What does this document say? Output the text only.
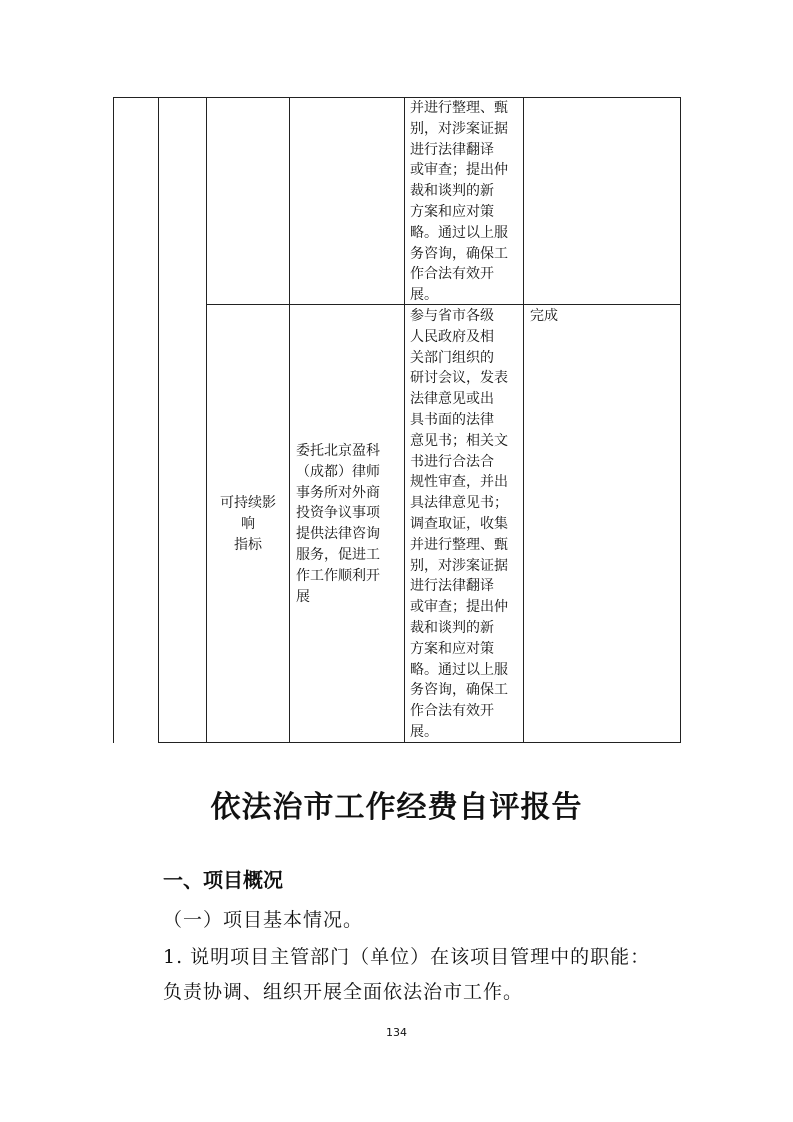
并进行整理、甄
别，对涉案证据
进行法律翻译
或审查；提出仲
裁和谈判的新
方案和应对策
略。通过以上服
务咨询，确保工
作合法有效开
展。
可持续影
响
指标
委托北京盈科
（成都）律师
事务所对外商
投资争议事项
提供法律咨询
服务，促进工
作工作顺利开
展
参与省市各级
人民政府及相
关部门组织的
研讨会议，发表
法律意见或出
具书面的法律
意见书；相关文
书进行合法合
规性审查，并出
具法律意见书；
调查取证，收集
并进行整理、甄
别，对涉案证据
进行法律翻译
或审查；提出仲
裁和谈判的新
方案和应对策
略。通过以上服
务咨询，确保工
作合法有效开
展。
完成
依法治市工作经费自评报告
一、项目概况
（一）项目基本情况。
1. 说明项目主管部门（单位）在该项目管理中的职能：
负责协调、组织开展全面依法治市工作。
134
